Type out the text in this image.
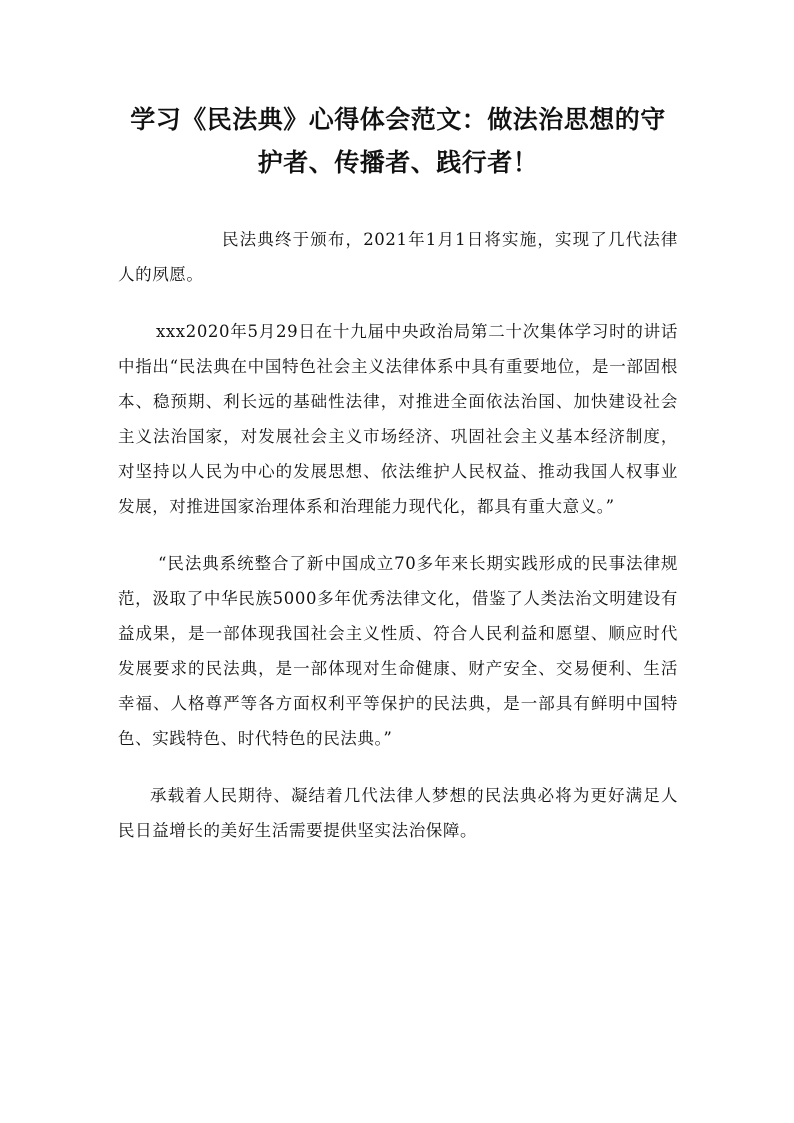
学习《民法典》心得体会范文：做法治思想的守
护者、传播者、践行者！

民法典终于颁布，2021年1月1日将实施，实现了几代法律人的夙愿。

xxx2020年5月29日在十九届中央政治局第二十次集体学习时的讲话中指出“民法典在中国特色社会主义法律体系中具有重要地位，是一部固根本、稳预期、利长远的基础性法律，对推进全面依法治国、加快建设社会主义法治国家，对发展社会主义市场经济、巩固社会主义基本经济制度，对坚持以人民为中心的发展思想、依法维护人民权益、推动我国人权事业发展，对推进国家治理体系和治理能力现代化，都具有重大意义。”

“民法典系统整合了新中国成立70多年来长期实践形成的民事法律规范，汲取了中华民族5000多年优秀法律文化，借鉴了人类法治文明建设有益成果，是一部体现我国社会主义性质、符合人民利益和愿望、顺应时代发展要求的民法典，是一部体现对生命健康、财产安全、交易便利、生活幸福、人格尊严等各方面权利平等保护的民法典，是一部具有鲜明中国特色、实践特色、时代特色的民法典。”

承载着人民期待、凝结着几代法律人梦想的民法典必将为更好满足人民日益增长的美好生活需要提供坚实法治保障。
